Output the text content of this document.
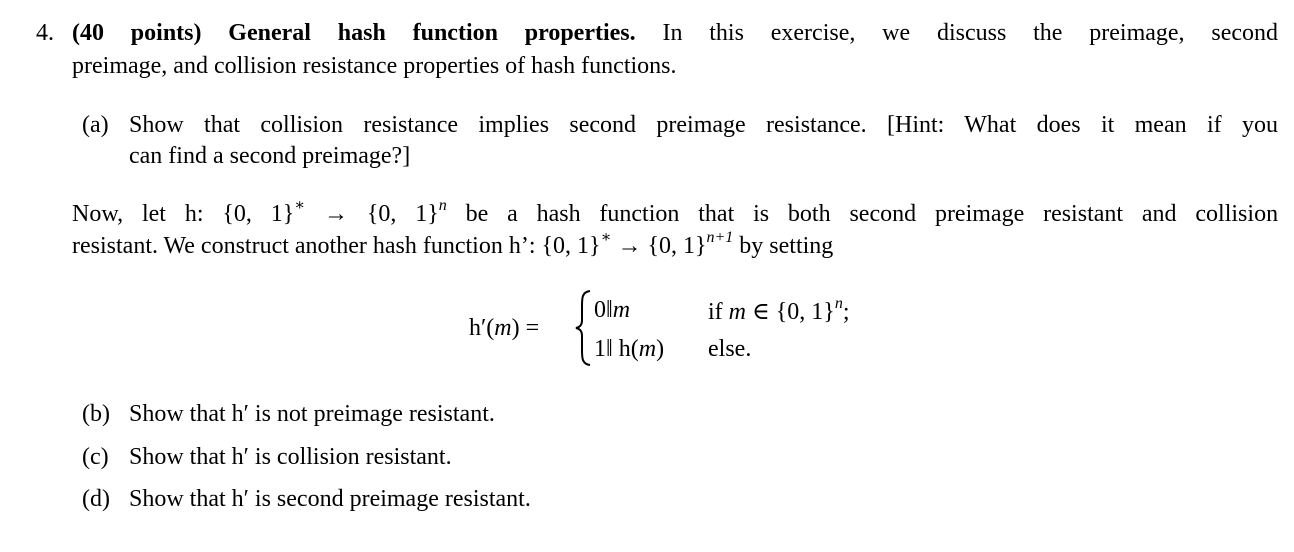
4. (40 points) General hash function properties. In this exercise, we discuss the preimage, second
preimage, and collision resistance properties of hash functions.
(a) Show that collision resistance implies second preimage resistance. [Hint: What does it mean if you
can find a second preimage?]
Now, let h: {0, 1}∗ → {0, 1}$^n$ be a hash function that is both second preimage resistant and collision
resistant. We construct another hash function h’: {0, 1}∗ → {0, 1}$^{n+1}$ by setting
h′(m) =
0‖m	if m ∈ {0, 1}$^n$;
1‖ h(m) else.
(b) Show that h′ is not preimage resistant.
(c) Show that h′ is collision resistant.
(d) Show that h′ is second preimage resistant.
